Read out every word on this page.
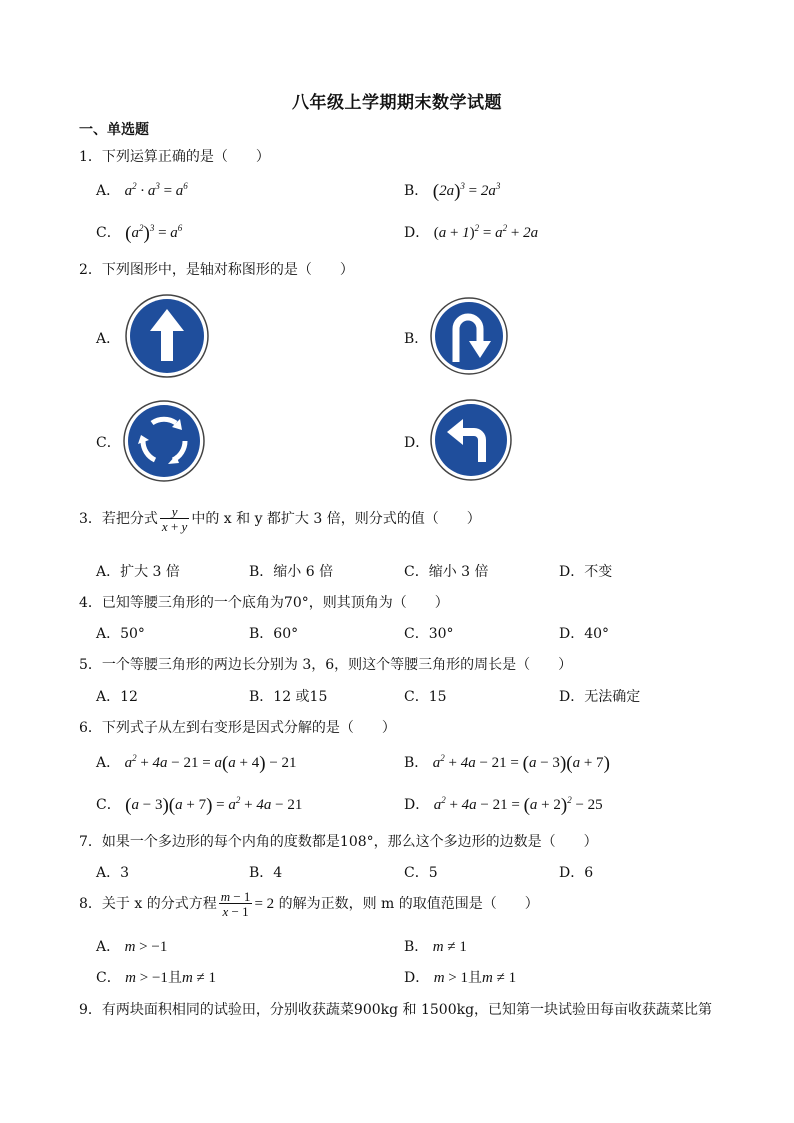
八年级上学期期末数学试题
一、单选题
1．下列运算正确的是（　　）
A． $a^2 \cdot a^3 = a^6$	B． $(2a)^3 = 2a^3$
C． $(a^2)^3 = a^6$	D． $(a + 1)^2 = a^2 + 2a$
2．下列图形中，是轴对称图形的是（　　）
A．	B．
C．	D．
3．若把分式 $\frac{y}{x + y}$ 中的 x 和 y 都扩大 3 倍，则分式的值（　　）
A．扩大 3 倍	B．缩小 6 倍	C．缩小 3 倍	D．不变
4．已知等腰三角形的一个底角为70°，则其顶角为（　　）
A．50°	B．60°	C．30°	D．40°
5．一个等腰三角形的两边长分别为 3，6，则这个等腰三角形的周长是（　　）
A．12	B．12 或15	C．15	D．无法确定
6．下列式子从左到右变形是因式分解的是（　　）
A． $a^2 + 4a - 21 = a(a + 4) - 21$	B． $a^2 + 4a - 21 = (a - 3)(a + 7)$
C． $(a - 3)(a + 7) = a^2 + 4a - 21$	D． $a^2 + 4a - 21 = (a + 2)^2 - 25$
7．如果一个多边形的每个内角的度数都是108°，那么这个多边形的边数是（　　）
A．3	B．4	C．5	D．6
8．关于 x 的分式方程 $\frac{m - 1}{x - 1} = 2$ 的解为正数，则 m 的取值范围是（　　）
A． m > −1	B． m ≠ 1
C． m > −1且m ≠ 1	D． m > 1且m ≠ 1
9．有两块面积相同的试验田，分别收获蔬菜900kg 和 1500kg，已知第一块试验田每亩收获蔬菜比第
